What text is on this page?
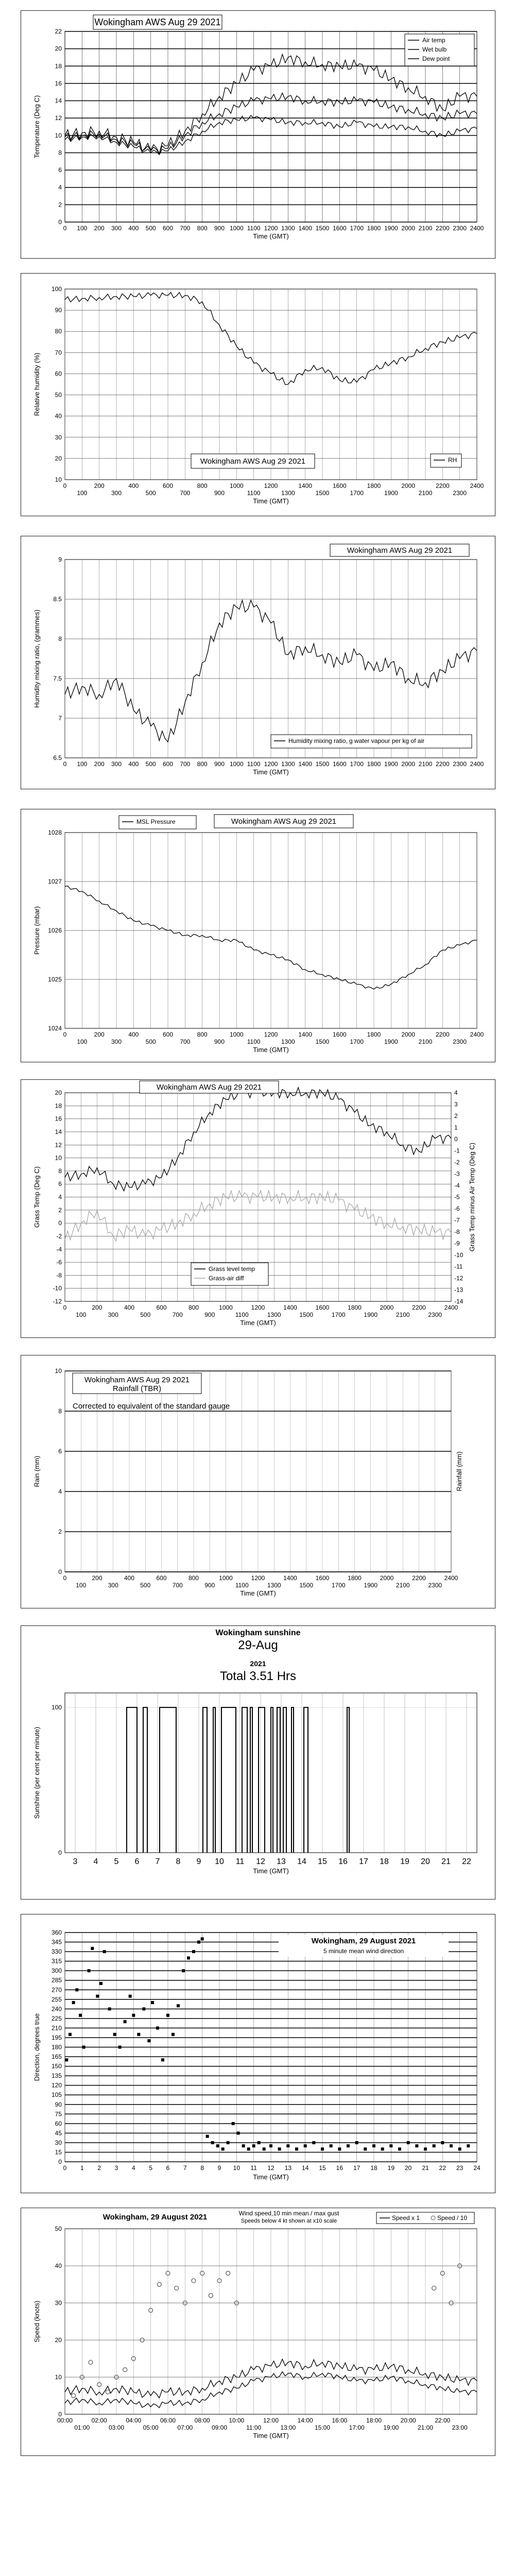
0
2
4
6
8
10
12
14
16
18
20
22
0 100 200 300 400 500 600 700 800 900 1000 1100 1200 1300 1400 1500 1600 1700 1800 1900 2000 2100 2200 2300 2400
Time (GMT)
Temperature (Deg C)
Wokingham AWS Aug 29 2021
Air temp
Wet bulb
Dew point
10
20
30
40
50
60
70
80
90
100
0	200	400	600	800	1000	1200	1400	1600	1800	2000	2200	2400
100	300	500	700	900	1100	1300	1500	1700	1900	2100	2300
Time (GMT)
Relative humidity (%)
Wokingham AWS Aug 29 2021	RH
6.5
7
7.5
8
8.5
9
0 100 200 300 400 500 600 700 800 900 1000 1100 1200 1300 1400 1500 1600 1700 1800 1900 2000 2100 2200 2300 2400
Time (GMT)
Humidity mixing ratio, (grammes)
Wokingham AWS Aug 29 2021
Humidity mixing ratio, g water vapour per kg of air
1024
1025
1026
1027
1028
0	200	400	600	800	1000	1200	1400	1600	1800	2000	2200	2400
100	300	500	700	900	1100	1300	1500	1700	1900	2100	2300
Time (GMT)
Pressure (mbar)
MSL Pressure	Wokingham AWS Aug 29 2021
-12
-10
-8
-6
-4
-2
0
2
4
6
8
10
12
14
16
18
20
0	200	400	600	800	1000	1200	1400	1600	1800	2000	2200	2400
100	300	500	700	900	1100	1300	1500	1700	1900	2100	2300
Time (GMT)
Grass Temp (Deg C)
-14
-13
-12
-11
-10
-9
-8
-7
-6
-5
-4
-3
-2
-1
0
1
2
3
4
Grass Temp minus Air Temp (Deg C)
Wokingham AWS Aug 29 2021
Grass level temp
Grass-air diff
0
2
4
6
8
10
0	200	400	600	800	1000	1200	1400	1600	1800	2000	2200	2400
100	300	500	700	900	1100	1300	1500	1700	1900	2100	2300
Time (GMT)
Rain (mm)	Rainfall (mm)
Wokingham AWS Aug 29 2021
Rainfall (TBR)
Corrected to equivalent of the standard gauge
0
100
3 4 5 6 7 8 9 10 11 12 13 14 15 16 17 18 19 20 21 22
Time (GMT)
Sunshine (per cent per minute)
Wokingham sunshine
29-Aug
2021
Total 3.51 Hrs
0
15
30
45
60
75
90
105
120
135
150
165
180
195
210
225
240
255
270
285
300
315
330
345
360
0 1 2 3 4 5 6 7 8 9 10 11 12 13 14 15 16 17 18 19 20 21 22 23 24
Time (GMT)
Direction, degrees true
Wokingham, 29 August 2021
5 minute mean wind direction
0
10
20
30
40
50
00:00	02:00	04:00	06:00	08:00	10:00	12:00	14:00	16:00	18:00	20:00	22:00
01:00	03:00	05:00	07:00	09:00	11:00	13:00	15:00	17:00	19:00	21:00	23:00
Time (GMT)
Speed (knots)
Wokingham, 29 August 2021	Wind speed,10 min mean / max gust
Speeds below 4 kt shown at x10 scale	Speed x 1	Speed / 10
